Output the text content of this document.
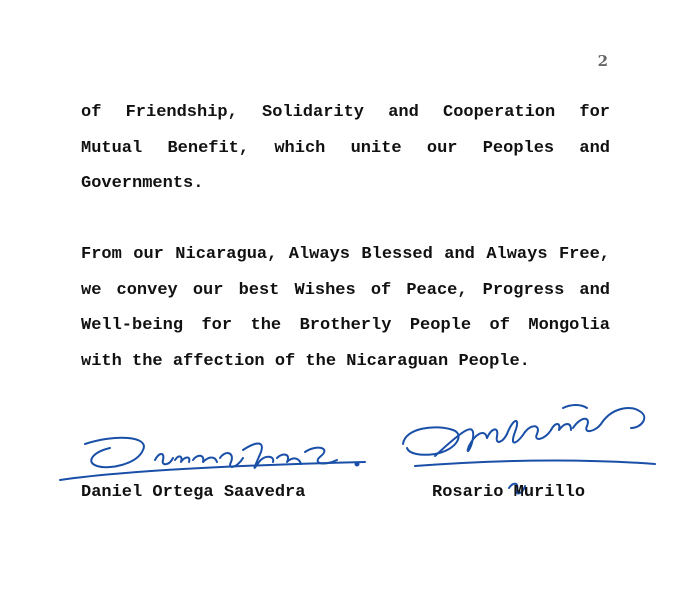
2

of Friendship, Solidarity and Cooperation for Mutual Benefit, which unite our Peoples and Governments.

From our Nicaragua, Always Blessed and Always Free, we convey our best Wishes of Peace, Progress and Well-being for the Brotherly People of Mongolia with the affection of the Nicaraguan People.

Daniel Ortega Saavedra	Rosario Murillo
